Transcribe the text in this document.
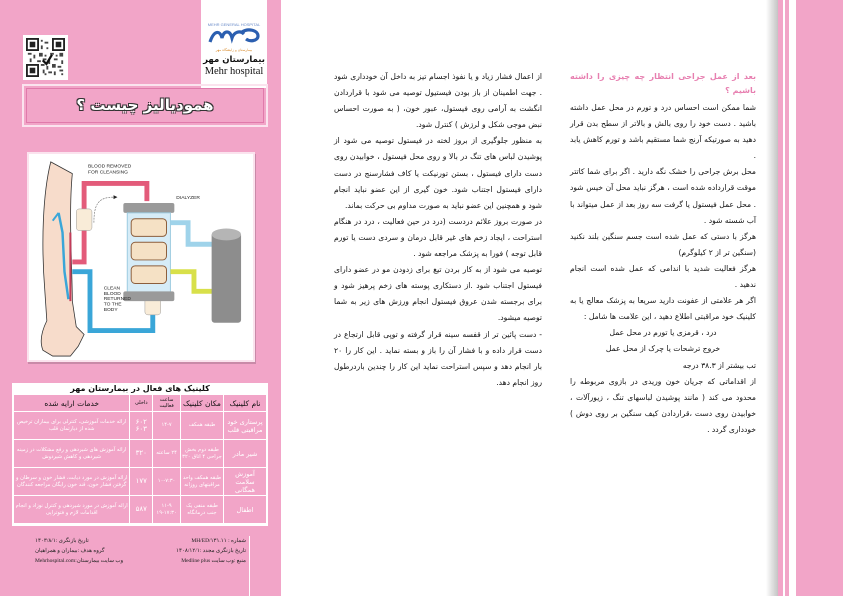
MEHR GENERAL HOSPITAL
بیمارستان و زایشگاه مهر
بیمارستان مهر
Mehr hospital
همودیالیز چیست ؟
BLOOD REMOVED FOR CLEANSING
DIALYZER
CLEAN BLOOD RETURNED TO THE BODY
کلینیک های فعال در بیمارستان مهر
نام کلینیک	مکان کلینیک	ساعت فعالیت	داخلی	خدمات ارایه شده
پرستاری خود مراقبتی قلب	طبقه همکف	۱۴-۷	۶۰۲ ۶۰۳	ارائه خدمات آموزشی، کنترلی برای بیماران ترخیص شده از دیارتمان قلب
شیر مادر	طبقه دوم بخش جراحی ۴ اتاق ۳۲۰	۲۴ ساعته	۳۲۰	ارائه آموزش های شیردهی و رفع مشکلات در زمینه شیردهی و کاهش شیردوش
آموزش سلامت همگانی	طبقه همکف واحد مراقبتهای روزانه	۱۰-۷:۳۰	۱۷۷	ارائه آموزش در مورد دیابت، فشار خون و سرطان و گرفتن فشار خون، قند خون رایگان مراجعه کنندگان
اطفال	طبقه منفی یک جنب درمانگاه	۱۱-۹ ۱۹-۱۷:۳۰	۵۸۷	ارائه آموزش در مورد شیردهی و کنترل نوزاد و انجام اقدامات لازم و فتوتراپی
شماره : MH/ED/۱۳۱.۱۱
تاریخ بازنگری :۱۴۰۳/۸/۱
تاریخ بازنگری مجدد :۱۴۰۸/۱۲/۱
گروه هدف :بیماران و همراهیان
منبع :وب سایت Medline plus
وب سایت بیمارستان:Mehrhospital.com

از اعمال فشار زیاد و یا نفوذ اجسام تیز به داخل آن خودداری شود . جهت اطمینان از باز بودن فیستیول توصیه می شود با قراردادن انگشت به آرامی روی فیستول، عبور خون، ( به صورت احساس نبض موجی شکل و لرزش ) کنترل شود.

به منظور جلوگیری از بروز لخته در فیستول توصیه می شود از پوشیدن لباس های تنگ در بالا و روی محل فیستول ، خوابیدن روی دست دارای فیستول ، بستن تورنیکت یا کاف فشارسنج در دست دارای فیستول اجتناب شود. خون گیری از این عضو نباید انجام شود و همچنین این عضو نباید به صورت مداوم بی حرکت بماند.

در صورت بروز علائم دردست (درد در حین فعالیت ، درد در هنگام استراحت ، ایجاد زخم های غیر قابل درمان و سردی دست یا تورم قابل توجه ) فورا به پزشک مراجعه شود .

توصیه می شود از به کار بردن تیغ برای زدودن مو در عضو دارای فیستول اجتناب شود .از دستکاری پوسته های زخم پرهیز شود و برای برجسته شدن عروق فیستول انجام ورزش های زیر به شما توصیه میشود.

- دست پائین تر از قفسه سینه قرار گرفته و توپی قابل ارتجاع در دست قرار داده و با فشار آن را باز و بسته نماید . این کار را ۲۰ بار انجام دهد و سپس استراحت نماید این کار را چندین باردرطول روز انجام دهد.

بعد از عمل جراحی انتظار چه چیزی را داشته باشیم ؟

شما ممکن است احساس درد و تورم در محل عمل داشته باشید . دست خود را روی بالش و بالاتر از سطح بدن قرار دهید به صورتیکه آرنج شما مستقیم باشد و تورم کاهش یابد .

محل برش جراحی را خشک نگه دارید . اگر برای شما کاتتر موقت قرارداده شده است ، هرگز نباید محل آن خیس شود . محل عمل فیستول یا گرفت سه روز بعد از عمل میتواند با آب شسته شود .

هرگز با دستی که عمل شده است جسم سنگین بلند نکنید (سنگین تر از ۲ کیلوگرم)

هرگز فعالیت شدید با اندامی که عمل شده است انجام ندهید .

اگر هر علامتی از عفونت دارید سریعا به پزشک معالج یا به کلینیک خود مراقبتی اطلاع دهید ، این علامت ها شامل :

درد ، قرمزی یا تورم در محل عمل

خروج ترشحات یا چرک از محل عمل

تب بیشتر از ۳۸.۳ درجه

از اقداماتی که جریان خون وریدی در بازوی مربوطه را محدود می کند ( مانند پوشیدن لباسهای تنگ ، زیورآلات ، خوابیدن روی دست ،قراردادن کیف سنگین بر روی دوش ) خودداری گردد .
